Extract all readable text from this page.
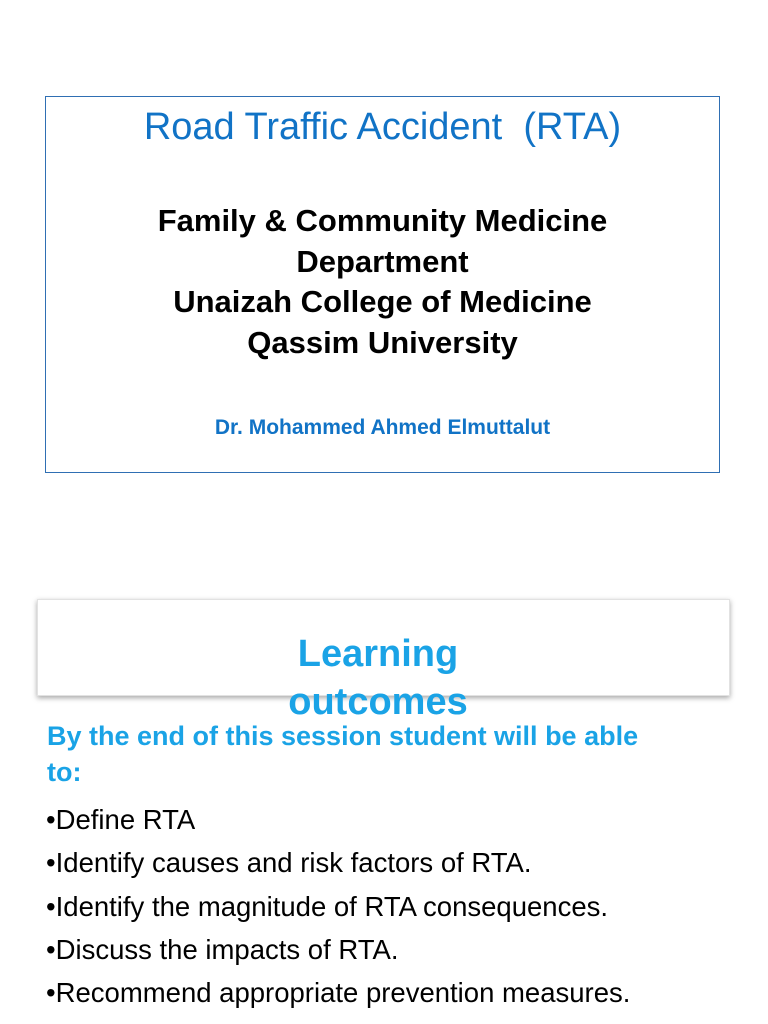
Road Traffic Accident  (RTA)
Family & Community Medicine
Department
Unaizah College of Medicine
Qassim University
Dr. Mohammed Ahmed Elmuttalut
Learning
outcomes
By the end of this session student will be able to:
•Define RTA
•Identify causes and risk factors of RTA.
•Identify the magnitude of RTA consequences.
•Discuss the impacts of RTA.
•Recommend appropriate prevention measures.
